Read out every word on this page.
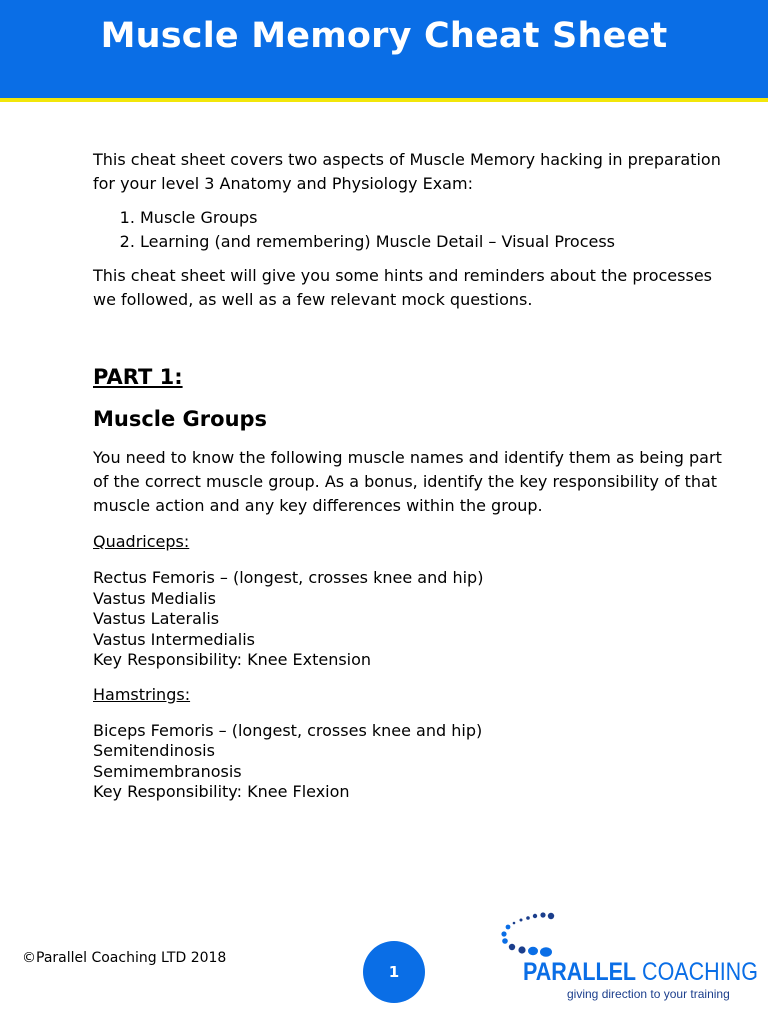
Muscle Memory Cheat Sheet

This cheat sheet covers two aspects of Muscle Memory hacking in preparation for your level 3 Anatomy and Physiology Exam:

1. Muscle Groups
2. Learning (and remembering) Muscle Detail – Visual Process

This cheat sheet will give you some hints and reminders about the processes we followed, as well as a few relevant mock questions.

PART 1:

Muscle Groups

You need to know the following muscle names and identify them as being part of the correct muscle group. As a bonus, identify the key responsibility of that muscle action and any key differences within the group.

Quadriceps:

Rectus Femoris – (longest, crosses knee and hip)
Vastus Medialis
Vastus Lateralis
Vastus Intermedialis
Key Responsibility: Knee Extension

Hamstrings:

Biceps Femoris – (longest, crosses knee and hip)
Semitendinosis
Semimembranosis
Key Responsibility: Knee Flexion
©Parallel Coaching LTD 2018
1	PARALLEL COACHING
giving direction to your training
